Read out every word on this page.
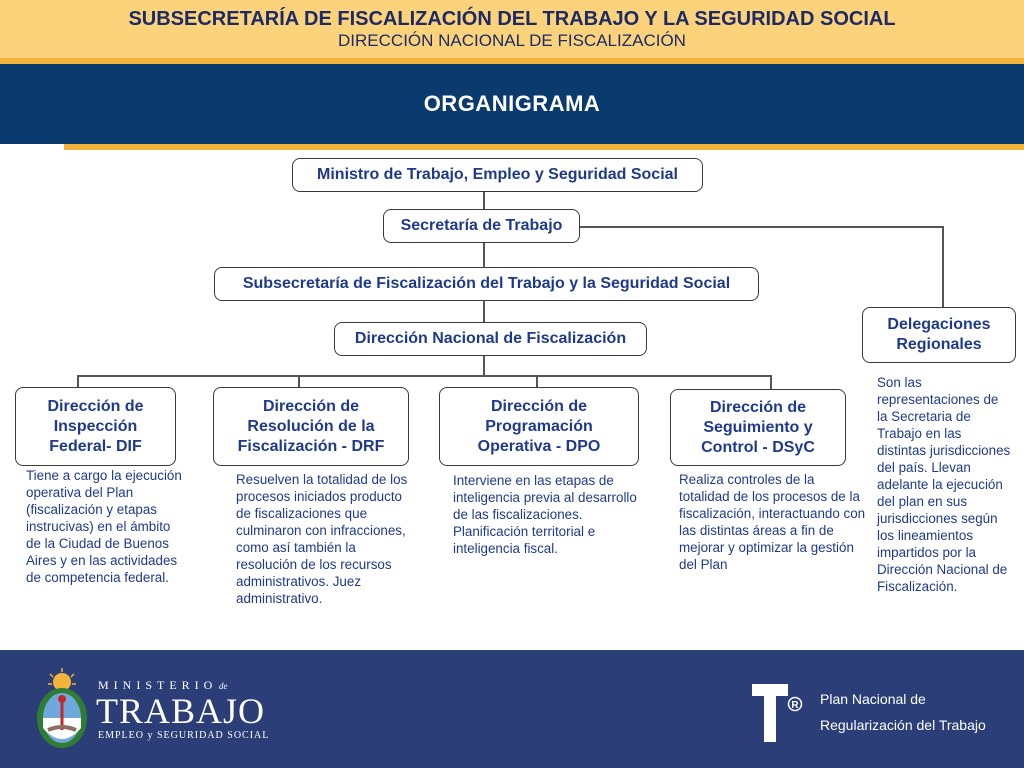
SUBSECRETARÍA DE FISCALIZACIÓN DEL TRABAJO Y LA SEGURIDAD SOCIAL
DIRECCIÓN NACIONAL DE FISCALIZACIÓN
ORGANIGRAMA
Ministro de Trabajo, Empleo y Seguridad Social
Secretaría de Trabajo
Subsecretaría de Fiscalización del Trabajo y la Seguridad Social
Dirección Nacional de Fiscalización
Delegaciones Regionales
Dirección de Inspección Federal- DIF
Dirección de Resolución de la Fiscalización - DRF
Dirección de Programación Operativa - DPO
Dirección de Seguimiento y Control - DSyC
Tiene a cargo la ejecución operativa del Plan (fiscalización y etapas instrucivas) en el ámbito de la Ciudad de Buenos Aires y en las actividades de competencia federal.
Resuelven la totalidad de los procesos iniciados producto de fiscalizaciones que culminaron con infracciones, como así también la resolución de los recursos administrativos. Juez administrativo.
Interviene en las etapas de inteligencia previa al desarrollo de las fiscalizaciones. Planificación territorial e inteligencia fiscal.
Realiza controles de la totalidad de los procesos de la fiscalización, interactuando con las distintas áreas a fin de mejorar y optimizar la gestión del Plan
Son las representaciones de la Secretaria de Trabajo en las distintas jurisdicciones del país. Llevan adelante la ejecución del plan en sus jurisdicciones según los lineamientos impartidos por la Dirección Nacional de Fiscalización.
MINISTERIO de
TRABAJO
EMPLEO y SEGURIDAD SOCIAL
R Plan Nacional de
Regularización del Trabajo
